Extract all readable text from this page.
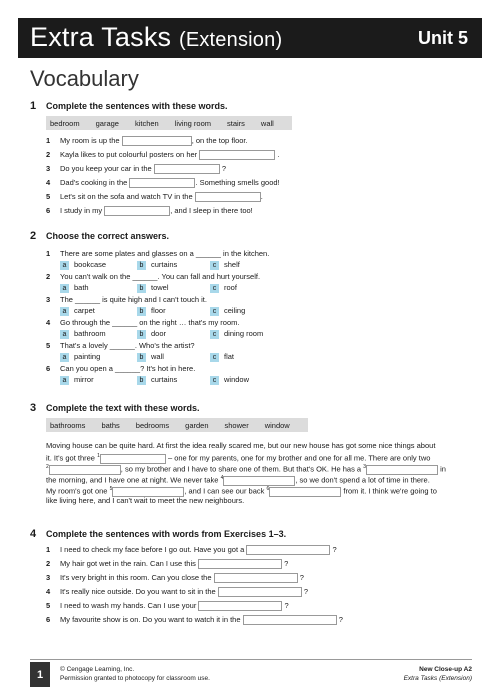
Extra Tasks (Extension)	Unit 5
Vocabulary
1 Complete the sentences with these words.
bedroom garage kitchen living room stairs wall
1 My room is up the	, on the top floor.
2 Kayla likes to put colourful posters on her	.
3 Do you keep your car in the	?
4 Dad's cooking in the	. Something smells good!
5 Let's sit on the sofa and watch TV in the	.
6 I study in my	, and I sleep in there too!
2 Choose the correct answers.
1 There are some plates and glasses on a ______ in the kitchen.
a bookcase	b curtains	c shelf
2 You can't walk on the ______. You can fall and hurt yourself.
a bath	b towel	c roof
3 The ______ is quite high and I can't touch it.
a carpet	b floor	c ceiling
4 Go through the ______ on the right … that's my room.
a bathroom	b door	c dining room
5 That's a lovely ______. Who's the artist?
a painting	b wall	c flat
6 Can you open a ______? It's hot in here.
a mirror	b curtains	c window
3 Complete the text with these words.
bathrooms baths bedrooms garden shower window
Moving house can be quite hard. At first the idea really scared me, but our new house has got some nice things about
it. It's got three $^1$	– one for my parents, one for my brother and one for all me. There are only two
$^2$	, so my brother and I have to share one of them. But that's OK. He has a $^3$	in
the morning, and I have one at night. We never take $^4$	, so we don't spend a lot of time in there.
My room's got one $^5$	, and I can see our back $^6$	from it. I think we're going to
like living here, and I can't wait to meet the new neighbours.
4 Complete the sentences with words from Exercises 1–3.
1 I need to check my face before I go out. Have you got a	?
2 My hair got wet in the rain. Can I use this	?
3 It's very bright in this room. Can you close the	?
4 It's really nice outside. Do you want to sit in the	?
5 I need to wash my hands. Can I use your	?
6 My favourite show is on. Do you want to watch it in the	?
1	© Cengage Learning, Inc.
Permission granted to photocopy for classroom use.
New Close-up A2
Extra Tasks (Extension)
